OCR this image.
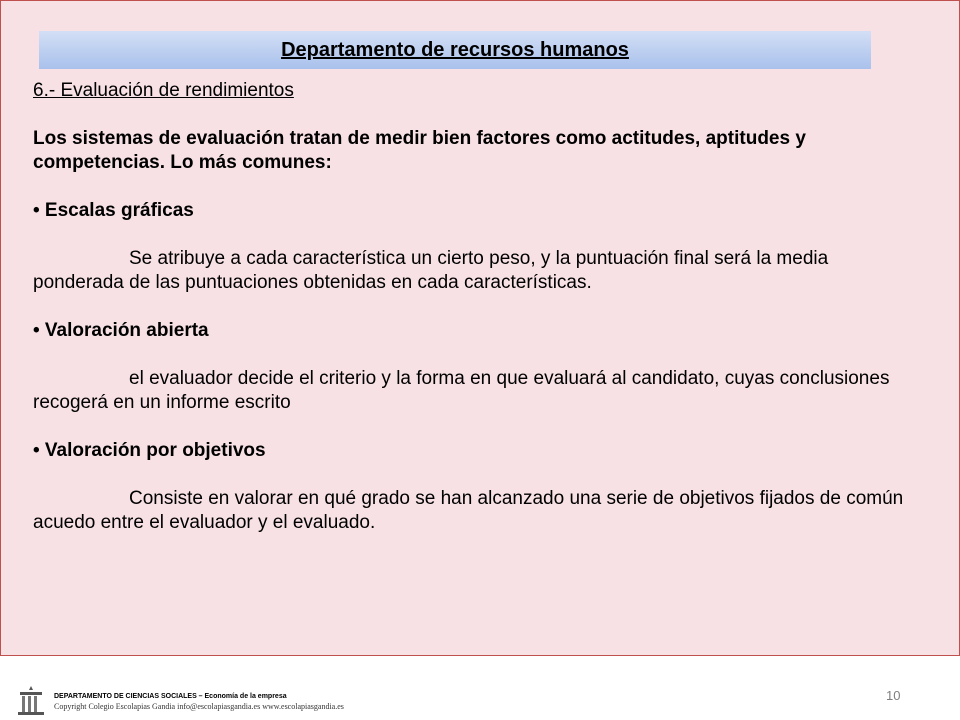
Departamento de recursos humanos

6.- Evaluación de rendimientos

Los sistemas de evaluación tratan de medir bien factores como actitudes, aptitudes y competencias. Lo más comunes:

• Escalas gráficas

Se atribuye a cada característica un cierto peso, y la puntuación final será la media ponderada de las puntuaciones obtenidas en cada características.

• Valoración abierta

el evaluador decide el criterio y la forma en que evaluará al candidato, cuyas conclusiones recogerá en un informe escrito

• Valoración por objetivos

Consiste en valorar en qué grado se han alcanzado una serie de objetivos fijados de común acuedo entre el evaluador y el evaluado.

DEPARTAMENTO DE CIENCIAS SOCIALES – Economía de la empresa
Copyright Colegio Escolapias Gandia info@escolapiasgandia.es www.escolapiasgandia.es
10
